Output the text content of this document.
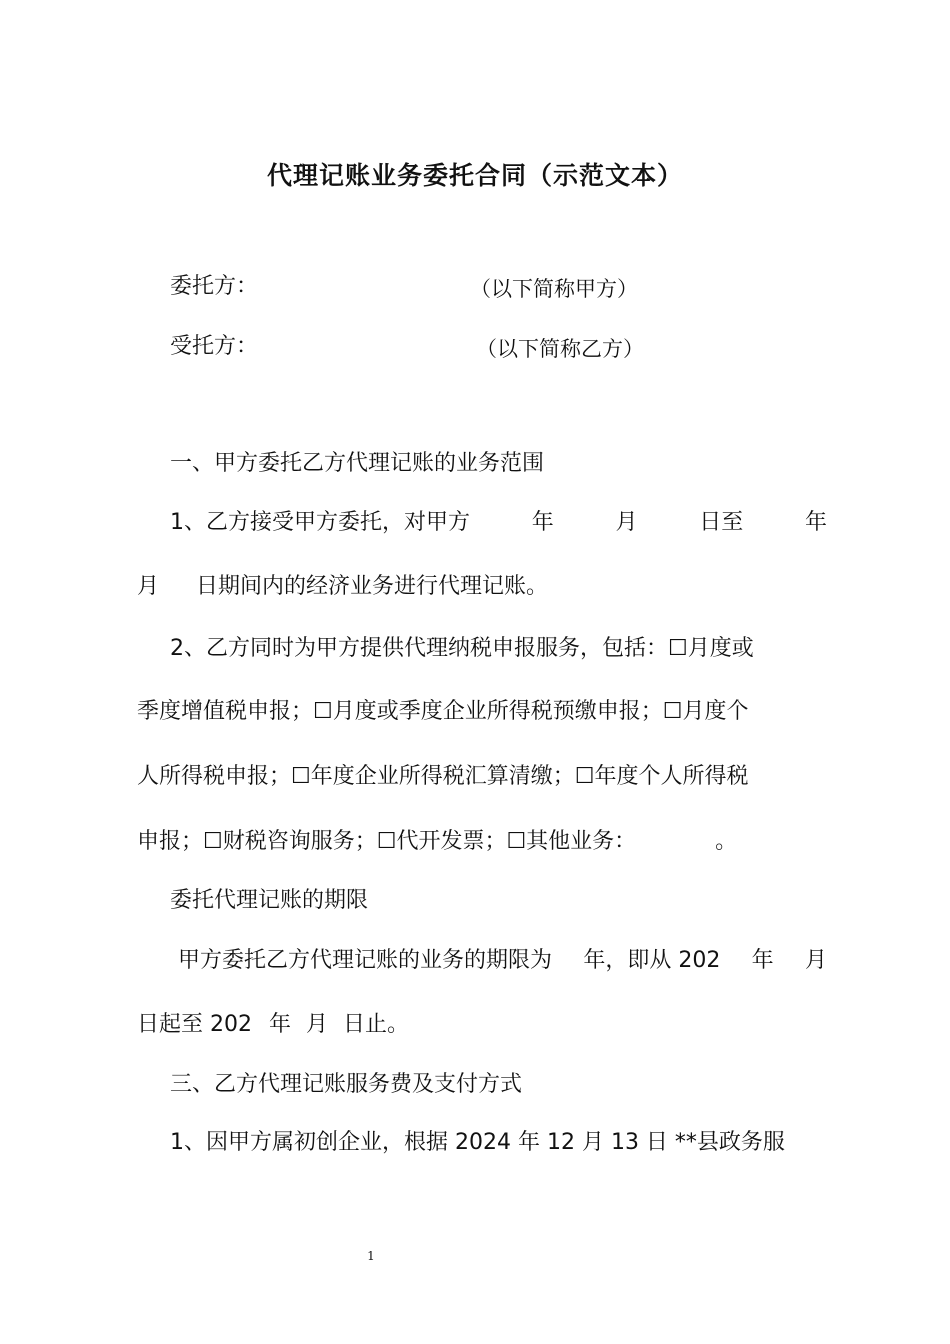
代理记账业务委托合同（示范文本）
委托方：	（以下简称甲方）
受托方：	（以下简称乙方）
一、甲方委托乙方代理记账的业务范围
1、乙方接受甲方委托，对甲方	年	月	日至	年
月 日期间内的经济业务进行代理记账。
2、乙方同时为甲方提供代理纳税申报服务，包括：☐月度或
季度增值税申报；☐月度或季度企业所得税预缴申报；☐月度个
人所得税申报；☐年度企业所得税汇算清缴；☐年度个人所得税
申报；☐财税咨询服务；☐代开发票；☐其他业务：	。
委托代理记账的期限
甲方委托乙方代理记账的业务的期限为 年，即从 202 年 月
日起至 202 年 月 日止。
三、乙方代理记账服务费及支付方式
1、因甲方属初创企业，根据 2024 年 12 月 13 日 **县政务服
1
